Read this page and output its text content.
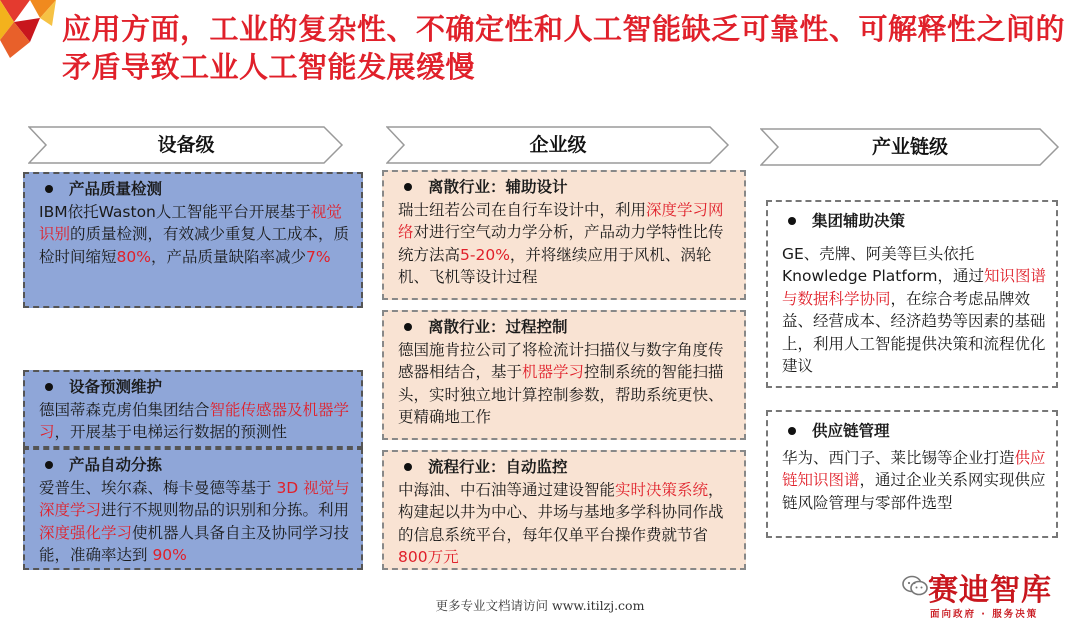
应用方面，工业的复杂性、不确定性和人工智能缺乏可靠性、可解释性之间的矛盾导致工业人工智能发展缓慢
设备级	企业级	产业链级
产品质量检测
IBM依托Waston人工智能平台开展基于视觉识别的质量检测，有效减少重复人工成本，质检时间缩短80%，产品质量缺陷率减少7%
设备预测维护
德国蒂森克虏伯集团结合智能传感器及机器学习，开展基于电梯运行数据的预测性
产品自动分拣
爱普生、埃尔森、梅卡曼德等基于 3D 视觉与深度学习进行不规则物品的识别和分拣。利用深度强化学习使机器人具备自主及协同学习技能，准确率达到 90%
离散行业：辅助设计
瑞士纽若公司在自行车设计中，利用深度学习网络对进行空气动力学分析，产品动力学特性比传统方法高5-20%，并将继续应用于风机、涡轮机、飞机等设计过程
离散行业：过程控制
德国施肯拉公司了将检流计扫描仪与数字角度传感器相结合，基于机器学习控制系统的智能扫描头，实时独立地计算控制参数，帮助系统更快、更精确地工作
流程行业：自动监控
中海油、中石油等通过建设智能实时决策系统，构建起以井为中心、井场与基地多学科协同作战的信息系统平台，每年仅单平台操作费就节省800万元
集团辅助决策
GE、壳牌、阿美等巨头依托Knowledge Platform，通过知识图谱与数据科学协同，在综合考虑品牌效益、经营成本、经济趋势等因素的基础上，利用人工智能提供决策和流程优化建议
供应链管理
华为、西门子、莱比锡等企业打造供应链知识图谱，通过企业关系网实现供应链风险管理与零部件选型
更多专业文档请访问 www.itilzj.com	赛迪智库
面向政府 · 服务决策
